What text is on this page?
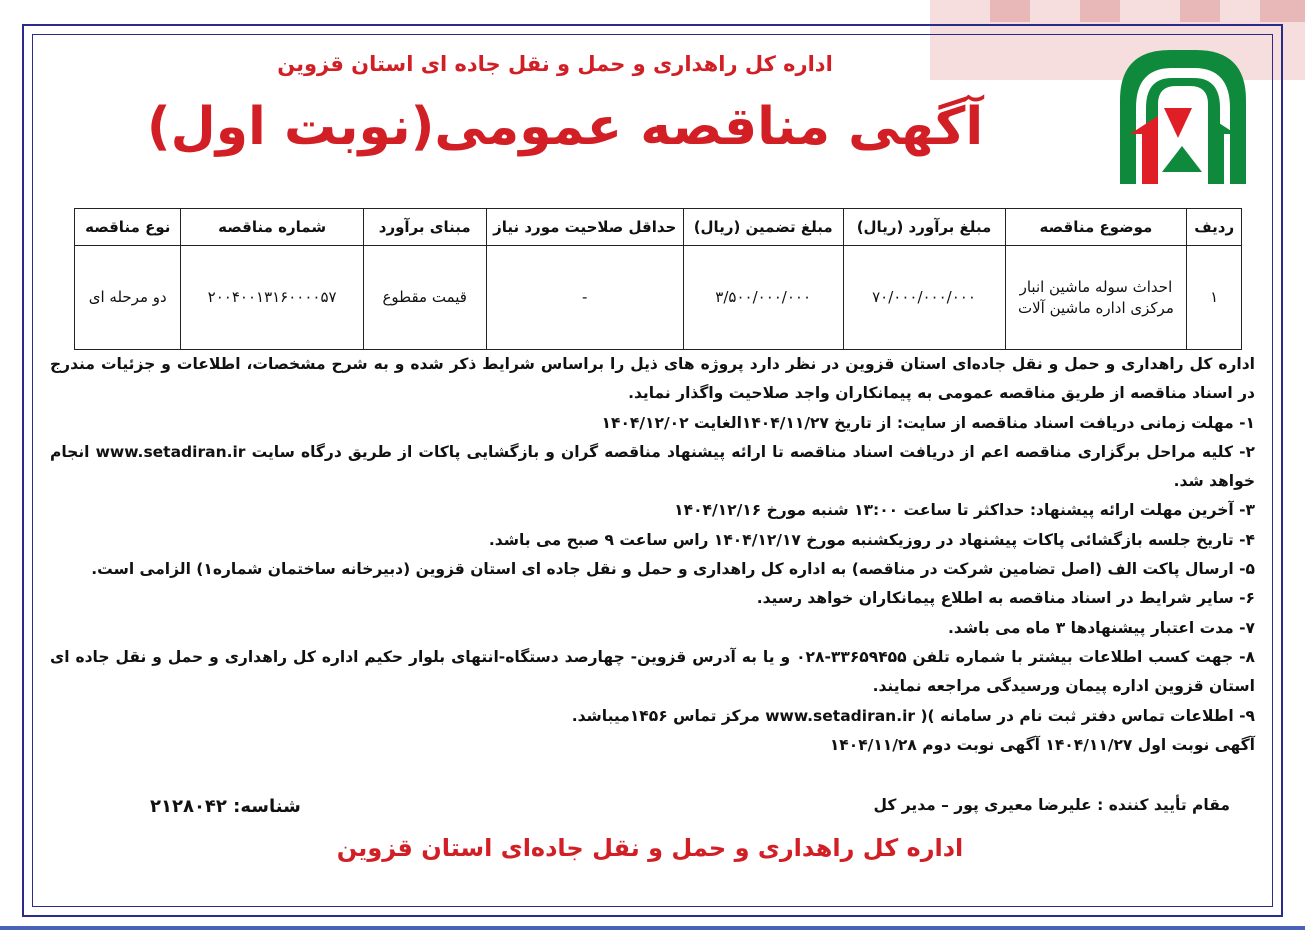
اداره کل راهداری و حمل و نقل جاده ای استان قزوین
آگهی مناقصه عمومی(نوبت اول)
ردیف	موضوع مناقصه	مبلغ برآورد (ریال)	مبلغ تضمین (ریال)	حداقل صلاحیت مورد نیاز	مبنای برآورد	شماره مناقصه	نوع مناقصه
۱	احداث سوله ماشین انبار مرکزی اداره ماشین آلات	۷۰/۰۰۰/۰۰۰/۰۰۰	۳/۵۰۰/۰۰۰/۰۰۰	-	قیمت مقطوع	۲۰۰۴۰۰۱۳۱۶۰۰۰۰۵۷	دو مرحله ای

اداره کل راهداری و حمل و نقل جاده‌ای استان قزوین در نظر دارد پروژه های ذیل را براساس شرایط ذکر شده و به شرح مشخصات، اطلاعات و جزئیات مندرج در اسناد مناقصه از طریق مناقصه عمومی به پیمانکاران واجد صلاحیت واگذار نماید.

۱- مهلت زمانی دریافت اسناد مناقصه از سایت: از تاریخ ۱۴۰۴/۱۱/۲۷الغایت ۱۴۰۴/۱۲/۰۲

۲- کلیه مراحل برگزاری مناقصه اعم از دریافت اسناد مناقصه تا ارائه پیشنهاد مناقصه گران و بازگشایی پاکات از طریق درگاه سایت www.setadiran.ir انجام خواهد شد.

۳- آخرین مهلت ارائه پیشنهاد: حداکثر تا ساعت ۱۳:۰۰ شنبه مورخ ۱۴۰۴/۱۲/۱۶

۴- تاریخ جلسه بازگشائی پاکات پیشنهاد در روزیکشنبه مورخ ۱۴۰۴/۱۲/۱۷ راس ساعت ۹ صبح می باشد.

۵- ارسال پاکت الف (اصل تضامین شرکت در مناقصه) به اداره کل راهداری و حمل و نقل جاده ای استان قزوین (دبیرخانه ساختمان شماره۱) الزامی است.

۶- سایر شرایط در اسناد مناقصه به اطلاع پیمانکاران خواهد رسید.

۷- مدت اعتبار پیشنهادها ۳ ماه می باشد.

۸- جهت کسب اطلاعات بیشتر با شماره تلفن ۳۳۶۵۹۴۵۵-۰۲۸ و یا به آدرس قزوین- چهارصد دستگاه-انتهای بلوار حکیم اداره کل راهداری و حمل و نقل جاده ای استان قزوین اداره پیمان ورسیدگی مراجعه نمایند.

۹- اطلاعات تماس دفتر ثبت نام در سامانه )( www.setadiran.ir مرکز تماس ۱۴۵۶میباشد.

آگهی نوبت اول ۱۴۰۴/۱۱/۲۷ آگهی نوبت دوم ۱۴۰۴/۱۱/۲۸

مقام تأیید کننده : علیرضا معیری پور – مدیر کل
شناسه: ۲۱۲۸۰۴۲
اداره کل راهداری و حمل و نقل جاده‌ای استان قزوین
